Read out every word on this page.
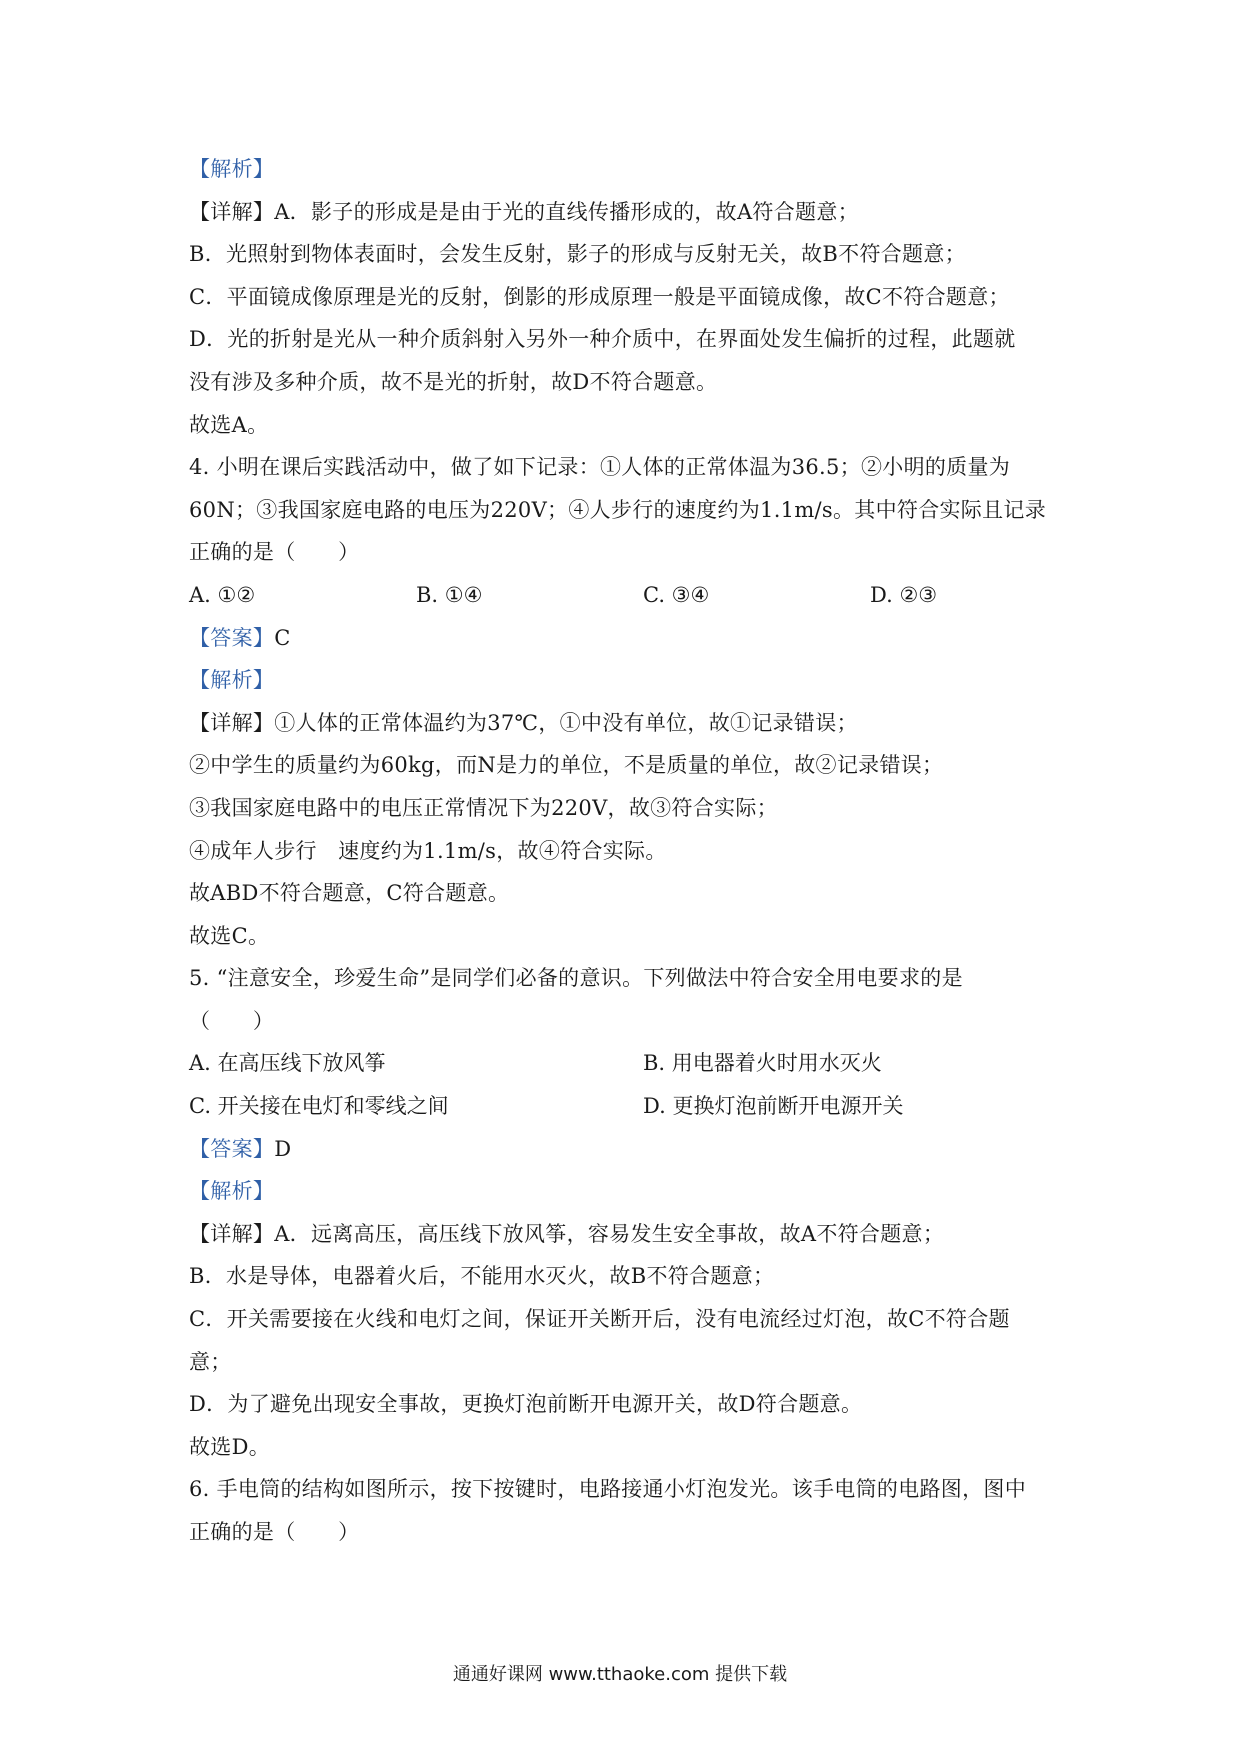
【解析】
【详解】A．影子的形成是是由于光的直线传播形成的，故A符合题意；
B．光照射到物体表面时，会发生反射，影子的形成与反射无关，故B不符合题意；
C．平面镜成像原理是光的反射，倒影的形成原理一般是平面镜成像，故C不符合题意；
D．光的折射是光从一种介质斜射入另外一种介质中，在界面处发生偏折的过程，此题就
没有涉及多种介质，故不是光的折射，故D不符合题意。
故选A。
4. 小明在课后实践活动中，做了如下记录：①人体的正常体温为36.5；②小明的质量为
60N；③我国家庭电路的电压为220V；④人步行的速度约为1.1m/s。其中符合实际且记录
正确的是（　　）
A. ①②	B. ①④	C. ③④	D. ②③
【答案】C
【解析】
【详解】①人体的正常体温约为37℃，①中没有单位，故①记录错误；
②中学生的质量约为60kg，而N是力的单位，不是质量的单位，故②记录错误；
③我国家庭电路中的电压正常情况下为220V，故③符合实际；
④成年人步行　速度约为1.1m/s，故④符合实际。
故ABD不符合题意，C符合题意。
故选C。
5. “注意安全，珍爱生命”是同学们必备的意识。下列做法中符合安全用电要求的是
（　　）
A. 在高压线下放风筝	B. 用电器着火时用水灭火
C. 开关接在电灯和零线之间	D. 更换灯泡前断开电源开关
【答案】D
【解析】
【详解】A．远离高压，高压线下放风筝，容易发生安全事故，故A不符合题意；
B．水是导体，电器着火后，不能用水灭火，故B不符合题意；
C．开关需要接在火线和电灯之间，保证开关断开后，没有电流经过灯泡，故C不符合题
意；
D．为了避免出现安全事故，更换灯泡前断开电源开关，故D符合题意。
故选D。
6. 手电筒的结构如图所示，按下按键时，电路接通小灯泡发光。该手电筒的电路图，图中
正确的是（　　）
通通好课网 www.tthaoke.com 提供下载
